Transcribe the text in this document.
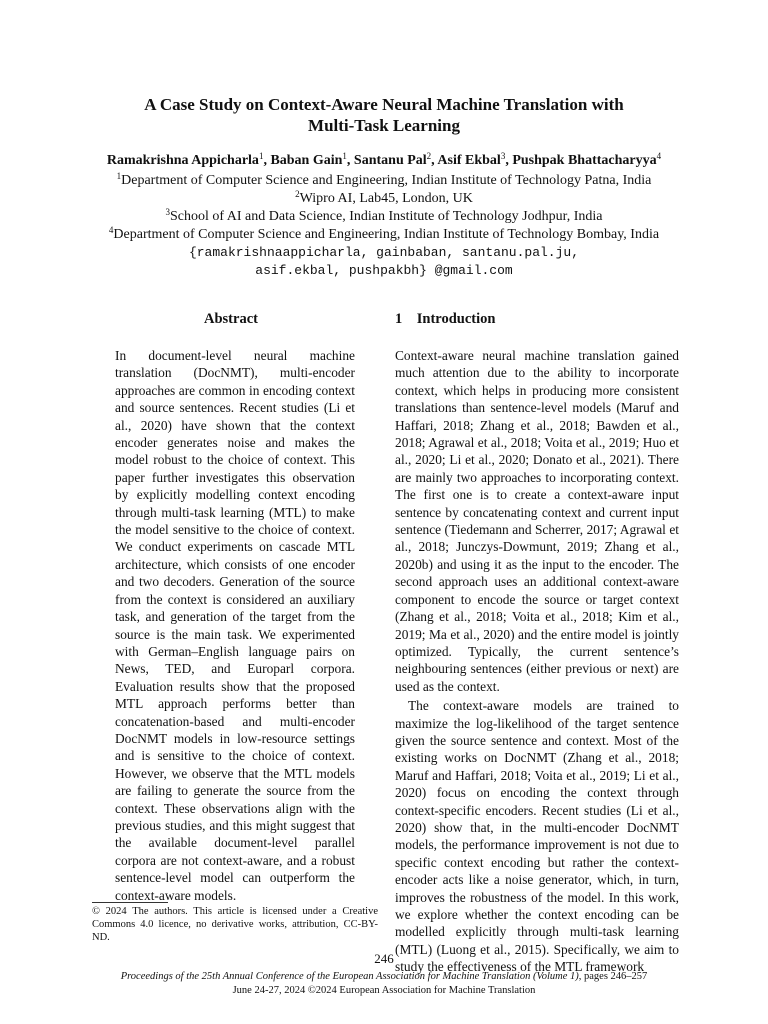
A Case Study on Context-Aware Neural Machine Translation with
Multi-Task Learning
Ramakrishna Appicharla$^1$, Baban Gain$^1$, Santanu Pal$^2$, Asif Ekbal$^3$, Pushpak Bhattacharyya$^4$
$^1$Department of Computer Science and Engineering, Indian Institute of Technology Patna, India
$^2$Wipro AI, Lab45, London, UK
$^3$School of AI and Data Science, Indian Institute of Technology Jodhpur, India
$^4$Department of Computer Science and Engineering, Indian Institute of Technology Bombay, India
{ramakrishnaappicharla, gainbaban, santanu.pal.ju,
asif.ekbal, pushpakbh} @gmail.com
Abstract	1    Introduction
In document-level neural machine translation (DocNMT), multi-encoder approaches are common in encoding context and source sentences. Recent studies (Li et al., 2020) have shown that the context encoder generates noise and makes the model robust to the choice of context. This paper further investigates this observation by explicitly modelling context encoding through multi-task learning (MTL) to make the model sensitive to the choice of context. We conduct experiments on cascade MTL architecture, which consists of one encoder and two decoders. Generation of the source from the context is considered an auxiliary task, and generation of the target from the source is the main task. We experimented with German–English language pairs on News, TED, and Europarl corpora. Evaluation results show that the proposed MTL approach performs better than concatenation-based and multi-encoder DocNMT models in low-resource settings and is sensitive to the choice of context. However, we observe that the MTL models are failing to generate the source from the context. These observations align with the previous studies, and this might suggest that the available document-level parallel corpora are not context-aware, and a robust sentence-level model can outperform the context-aware models.

Context-aware neural machine translation gained much attention due to the ability to incorporate context, which helps in producing more consistent translations than sentence-level models (Maruf and Haffari, 2018; Zhang et al., 2018; Bawden et al., 2018; Agrawal et al., 2018; Voita et al., 2019; Huo et al., 2020; Li et al., 2020; Donato et al., 2021). There are mainly two approaches to incorporating context. The first one is to create a context-aware input sentence by concatenating context and current input sentence (Tiedemann and Scherrer, 2017; Agrawal et al., 2018; Junczys-Dowmunt, 2019; Zhang et al., 2020b) and using it as the input to the encoder. The second approach uses an additional context-aware component to encode the source or target context (Zhang et al., 2018; Voita et al., 2018; Kim et al., 2019; Ma et al., 2020) and the entire model is jointly optimized. Typically, the current sentence’s neighbouring sentences (either previous or next) are used as the context.

The context-aware models are trained to maximize the log-likelihood of the target sentence given the source sentence and context. Most of the existing works on DocNMT (Zhang et al., 2018; Maruf and Haffari, 2018; Voita et al., 2019; Li et al., 2020) focus on encoding the context through context-specific encoders. Recent studies (Li et al., 2020) show that, in the multi-encoder DocNMT models, the performance improvement is not due to specific context encoding but rather the context-encoder acts like a noise generator, which, in turn, improves the robustness of the model. In this work, we explore whether the context encoding can be modelled explicitly through multi-task learning (MTL) (Luong et al., 2015). Specifically, we aim to study the effectiveness of the MTL framework

© 2024 The authors. This article is licensed under a Creative Commons 4.0 licence, no derivative works, attribution, CC-BY-ND.
246
Proceedings of the 25th Annual Conference of the European Association for Machine Translation (Volume 1), pages 246–257
June 24-27, 2024 ©2024 European Association for Machine Translation
